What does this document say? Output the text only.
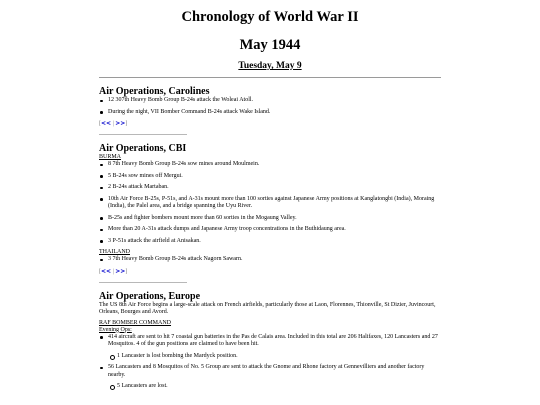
Chronology of World War II
May 1944
Tuesday, May 9
Air Operations, Carolines
12 307th Heavy Bomb Group B-24s attack the Woleai Atoll.
During the night, VII Bomber Command B-24s attack Wake Island.
[<< | >>]
Air Operations, CBI
BURMA
8 7th Heavy Bomb Group B-24s sow mines around Moulmein.
5 B-24s sow mines off Mergui.
2 B-24s attack Martaban.
10th Air Force B-25s, P-51s, and A-31s mount more than 100 sorties against Japanese Army positions at Kanglatongbi (India), Moraing (India), the Palel area, and a bridge spanning the Uyu River.
B-25s and fighter bombers mount more than 60 sorties in the Mogaung Valley.
More than 20 A-31s attack dumps and Japanese Army troop concentrations in the Buthidaung area.
3 P-51s attack the airfield at Anisakan.
THAILAND
3 7th Heavy Bomb Group B-24s attack Nagorn Sawarn.
[<< | >>]
Air Operations, Europe

The US 8th Air Force begins a large-scale attack on French airfields, particularly those at Laon, Florennes, Thionville, St Dizier, Juvincourt, Orleans, Bourges and Avord.

RAF BOMBER COMMAND
Evening Ops:
414 aircraft are sent to hit 7 coastal gun batteries in the Pas de Calais area. Included in this total are 206 Halifaxes, 120 Lancasters and 27 Mosquitos. 4 of the gun positions are claimed to have been hit.
1 Lancaster is lost bombing the Mardyck position.
56 Lancasters and 8 Mosquitos of No. 5 Group are sent to attack the Gnome and Rhone factory at Gennevilliers and another factory nearby.
5 Lancasters are lost.
